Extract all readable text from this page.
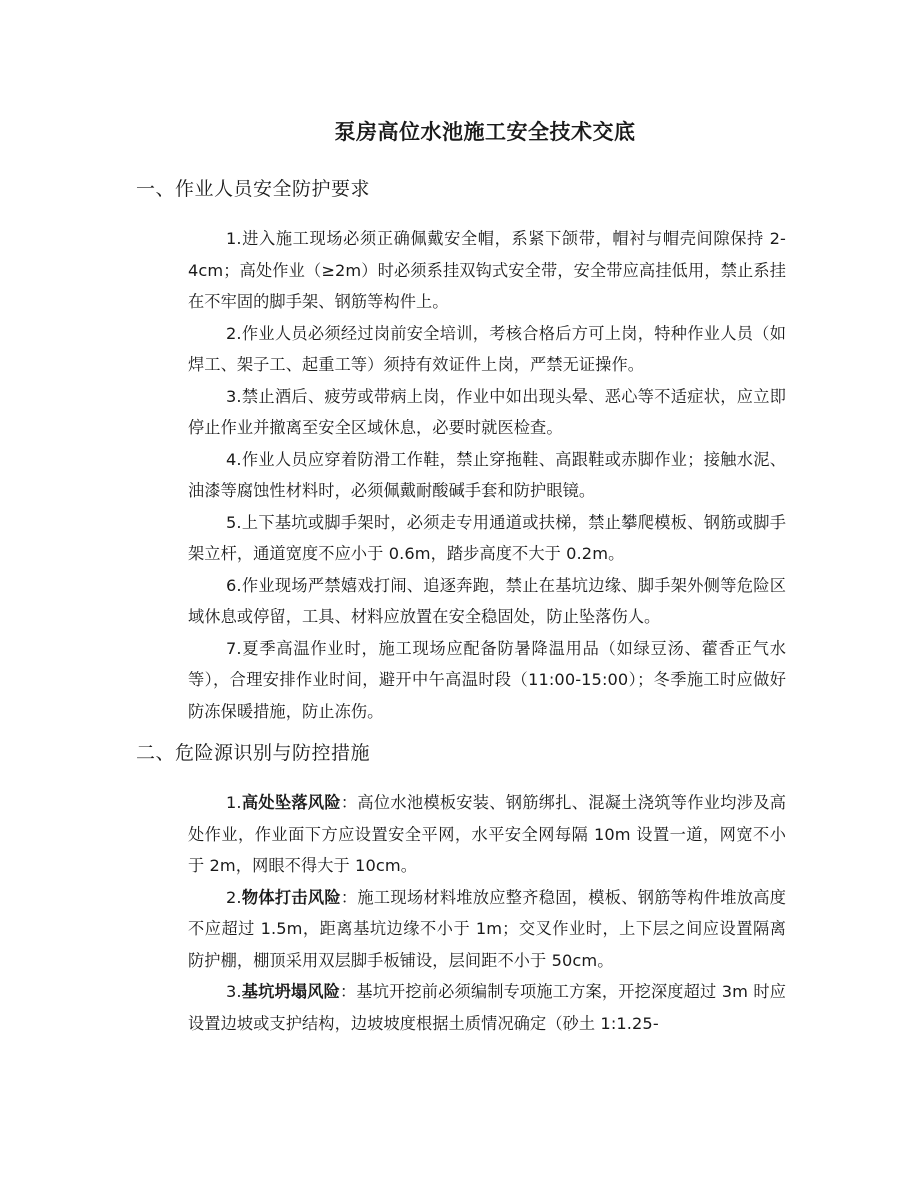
泵房高位水池施工安全技术交底
一、作业人员安全防护要求

1.进入施工现场必须正确佩戴安全帽，系紧下颌带，帽衬与帽壳间隙保持 2-4cm；高处作业（≥2m）时必须系挂双钩式安全带，安全带应高挂低用，禁止系挂在不牢固的脚手架、钢筋等构件上。

2.作业人员必须经过岗前安全培训，考核合格后方可上岗，特种作业人员（如焊工、架子工、起重工等）须持有效证件上岗，严禁无证操作。

3.禁止酒后、疲劳或带病上岗，作业中如出现头晕、恶心等不适症状，应立即停止作业并撤离至安全区域休息，必要时就医检查。

4.作业人员应穿着防滑工作鞋，禁止穿拖鞋、高跟鞋或赤脚作业；接触水泥、油漆等腐蚀性材料时，必须佩戴耐酸碱手套和防护眼镜。

5.上下基坑或脚手架时，必须走专用通道或扶梯，禁止攀爬模板、钢筋或脚手架立杆，通道宽度不应小于 0.6m，踏步高度不大于 0.2m。

6.作业现场严禁嬉戏打闹、追逐奔跑，禁止在基坑边缘、脚手架外侧等危险区域休息或停留，工具、材料应放置在安全稳固处，防止坠落伤人。

7.夏季高温作业时，施工现场应配备防暑降温用品（如绿豆汤、藿香正气水等），合理安排作业时间，避开中午高温时段（11:00-15:00）；冬季施工时应做好防冻保暖措施，防止冻伤。

二、危险源识别与防控措施

1.高处坠落风险：高位水池模板安装、钢筋绑扎、混凝土浇筑等作业均涉及高处作业，作业面下方应设置安全平网，水平安全网每隔 10m 设置一道，网宽不小于 2m，网眼不得大于 10cm。

2.物体打击风险：施工现场材料堆放应整齐稳固，模板、钢筋等构件堆放高度不应超过 1.5m，距离基坑边缘不小于 1m；交叉作业时，上下层之间应设置隔离防护棚，棚顶采用双层脚手板铺设，层间距不小于 50cm。

3.基坑坍塌风险：基坑开挖前必须编制专项施工方案，开挖深度超过 3m 时应设置边坡或支护结构，边坡坡度根据土质情况确定（砂土 1:1.25-
